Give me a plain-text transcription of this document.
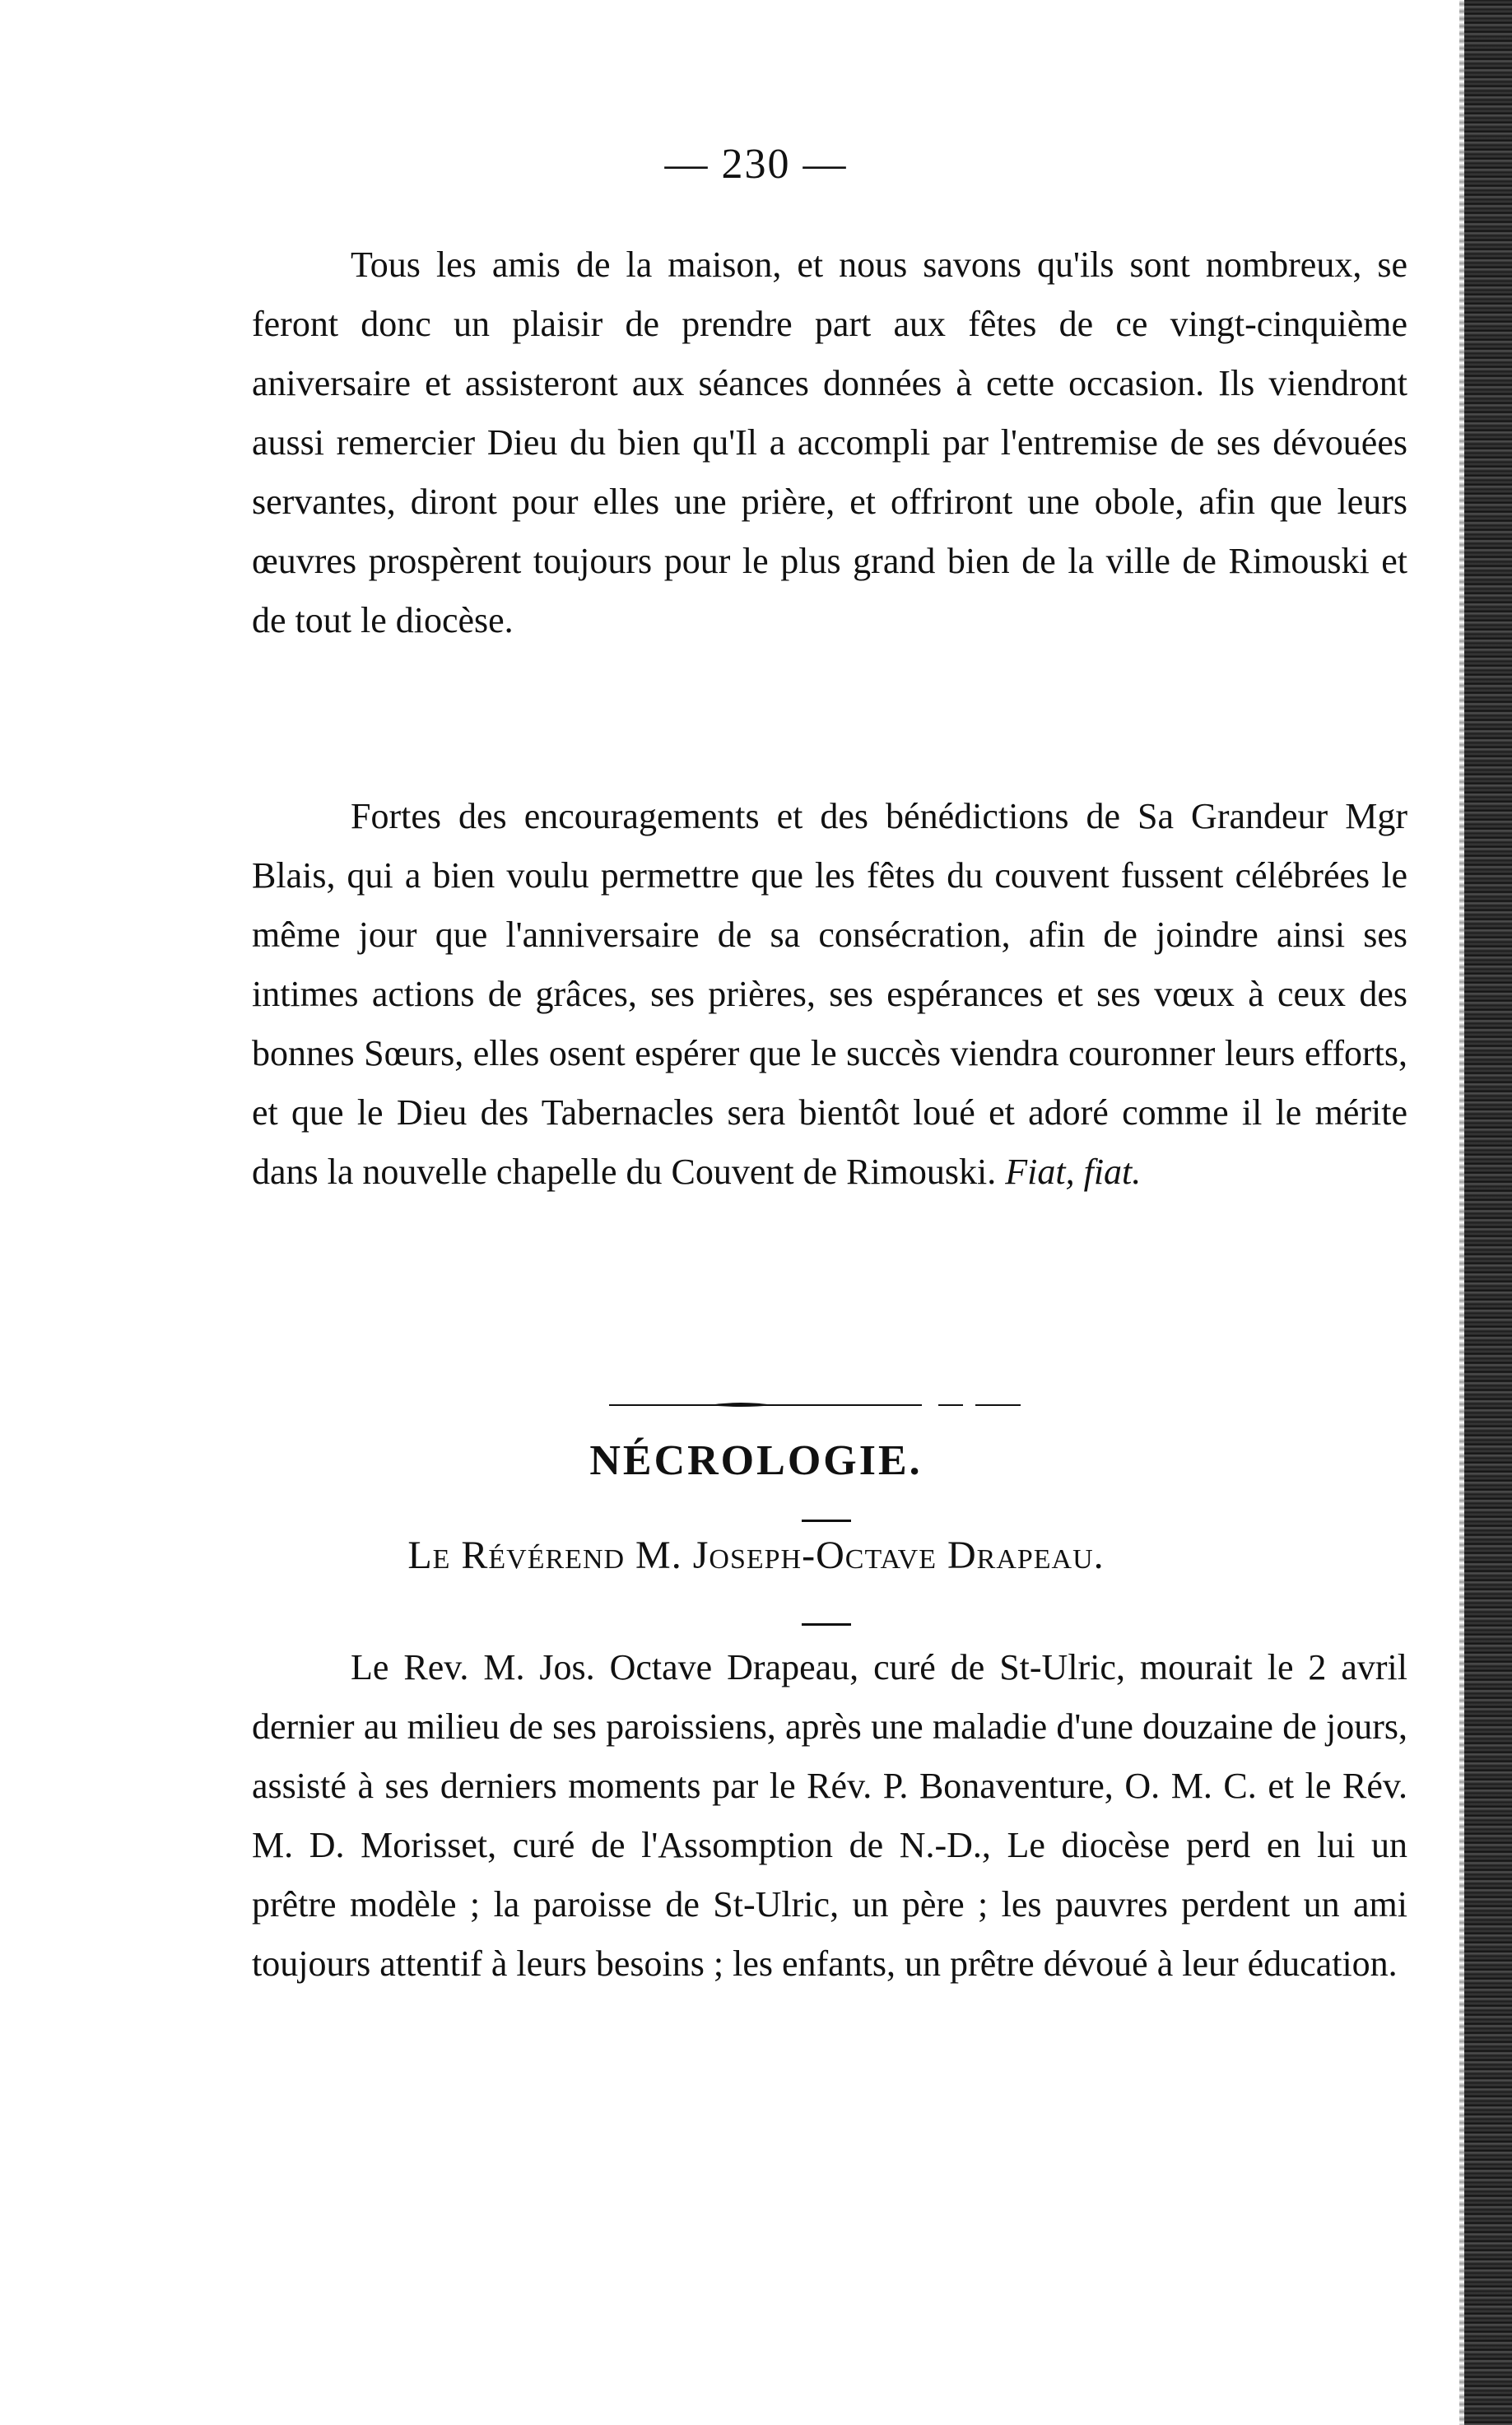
— 230 —

Tous les amis de la maison, et nous savons qu'ils sont nombreux, se feront donc un plaisir de prendre part aux fêtes de ce vingt-cinquième aniversaire et assisteront aux séances données à cette occasion. Ils viendront aussi remercier Dieu du bien qu'Il a accompli par l'entremise de ses dévouées servantes, diront pour elles une prière, et offriront une obole, afin que leurs œuvres prospèrent toujours pour le plus grand bien de la ville de Rimouski et de tout le diocèse.

Fortes des encouragements et des bénédictions de Sa Grandeur Mgr Blais, qui a bien voulu permettre que les fêtes du couvent fussent célébrées le même jour que l'anniversaire de sa consécration, afin de joindre ainsi ses intimes actions de grâces, ses prières, ses espérances et ses vœux à ceux des bonnes Sœurs, elles osent espérer que le succès viendra couronner leurs efforts, et que le Dieu des Tabernacles sera bientôt loué et adoré comme il le mérite dans la nouvelle chapelle du Couvent de Rimouski. Fiat, fiat.

NÉCROLOGIE.
Le Révérend M. Joseph-Octave Drapeau.

Le Rev. M. Jos. Octave Drapeau, curé de St-Ulric, mourait le 2 avril dernier au milieu de ses paroissiens, après une maladie d'une douzaine de jours, assisté à ses derniers moments par le Rév. P. Bonaventure, O. M. C. et le Rév. M. D. Morisset, curé de l'Assomption de N.-D., Le diocèse perd en lui un prêtre modèle ; la paroisse de St-Ulric, un père ; les pauvres perdent un ami toujours attentif à leurs besoins ; les enfants, un prêtre dévoué à leur éducation.
